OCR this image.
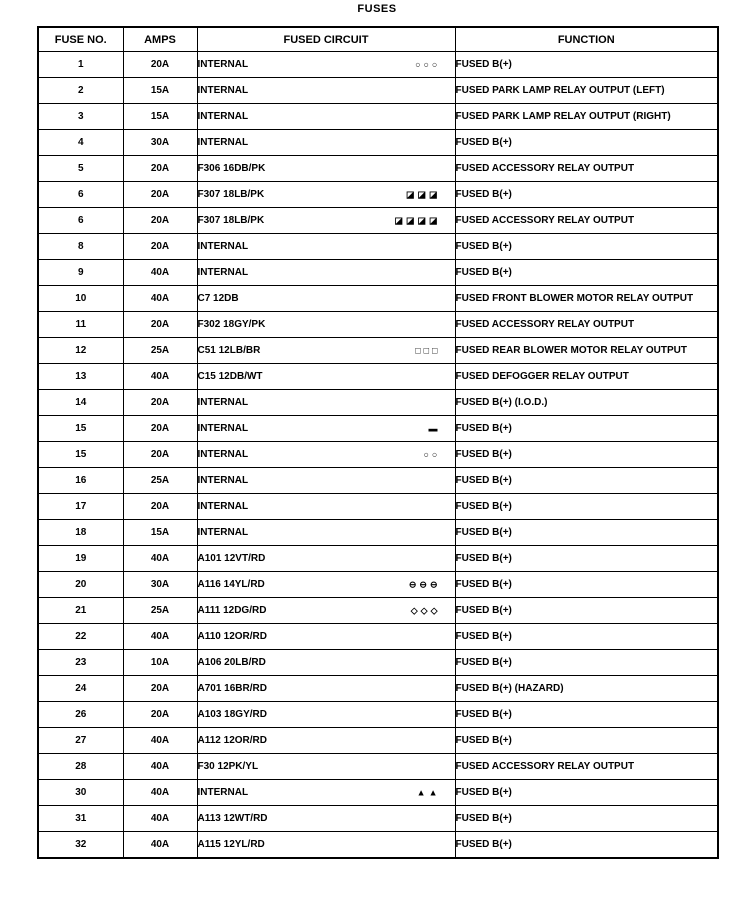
FUSES
FUSE NO.	AMPS	FUSED CIRCUIT	FUNCTION
1	20A	INTERNAL ○○○	FUSED B(+)
2	15A	INTERNAL	FUSED PARK LAMP RELAY OUTPUT (LEFT)
3	15A	INTERNAL	FUSED PARK LAMP RELAY OUTPUT (RIGHT)
4	30A	INTERNAL	FUSED B(+)
5	20A	F306 16DB/PK	FUSED ACCESSORY RELAY OUTPUT
6	20A	F307 18LB/PK ◪◪◪	FUSED B(+)
6	20A	F307 18LB/PK ◪◪◪◪	FUSED ACCESSORY RELAY OUTPUT
8	20A	INTERNAL	FUSED B(+)
9	40A	INTERNAL	FUSED B(+)
10	40A	C7 12DB	FUSED FRONT BLOWER MOTOR RELAY OUTPUT
11	20A	F302 18GY/PK	FUSED ACCESSORY RELAY OUTPUT
12	25A	C51 12LB/BR □□□	FUSED REAR BLOWER MOTOR RELAY OUTPUT
13	40A	C15 12DB/WT	FUSED DEFOGGER RELAY OUTPUT
14	20A	INTERNAL	FUSED B(+) (I.O.D.)
15	20A	INTERNAL ▬	FUSED B(+)
15	20A	INTERNAL ○○	FUSED B(+)
16	25A	INTERNAL	FUSED B(+)
17	20A	INTERNAL	FUSED B(+)
18	15A	INTERNAL	FUSED B(+)
19	40A	A101 12VT/RD	FUSED B(+)
20	30A	A116 14YL/RD ⊖⊖⊖	FUSED B(+)
21	25A	A111 12DG/RD ◇◇◇	FUSED B(+)
22	40A	A110 12OR/RD	FUSED B(+)
23	10A	A106 20LB/RD	FUSED B(+)
24	20A	A701 16BR/RD	FUSED B(+) (HAZARD)
26	20A	A103 18GY/RD	FUSED B(+)
27	40A	A112 12OR/RD	FUSED B(+)
28	40A	F30 12PK/YL	FUSED ACCESSORY RELAY OUTPUT
30	40A	INTERNAL ▲▲	FUSED B(+)
31	40A	A113 12WT/RD	FUSED B(+)
32	40A	A115 12YL/RD	FUSED B(+)
